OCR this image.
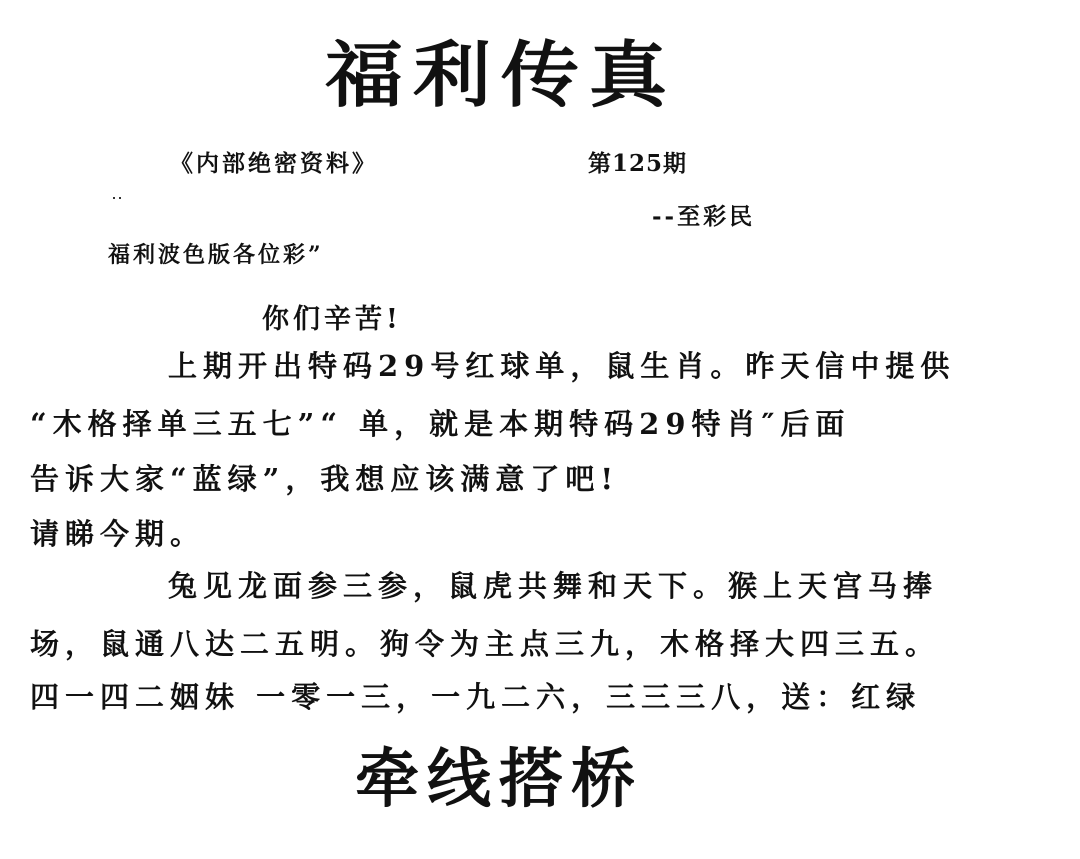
福利传真
《内部绝密资料》	第125期
--至彩民
福利波色版各位彩”
你们辛苦!
上期开出特码29号红球单，鼠生肖。昨天信中提供
“木格择单三五七”“ 单，就是本期特码29特肖″后面
告诉大家“蓝绿”，我想应该满意了吧!
请睇今期。
兔见龙面参三参，鼠虎共舞和天下。猴上天宫马捧
场，鼠通八达二五明。狗令为主点三九，木格择大四三五。
四一四二姻妹 一零一三，一九二六，三三三八，送：红绿
牵线搭桥
